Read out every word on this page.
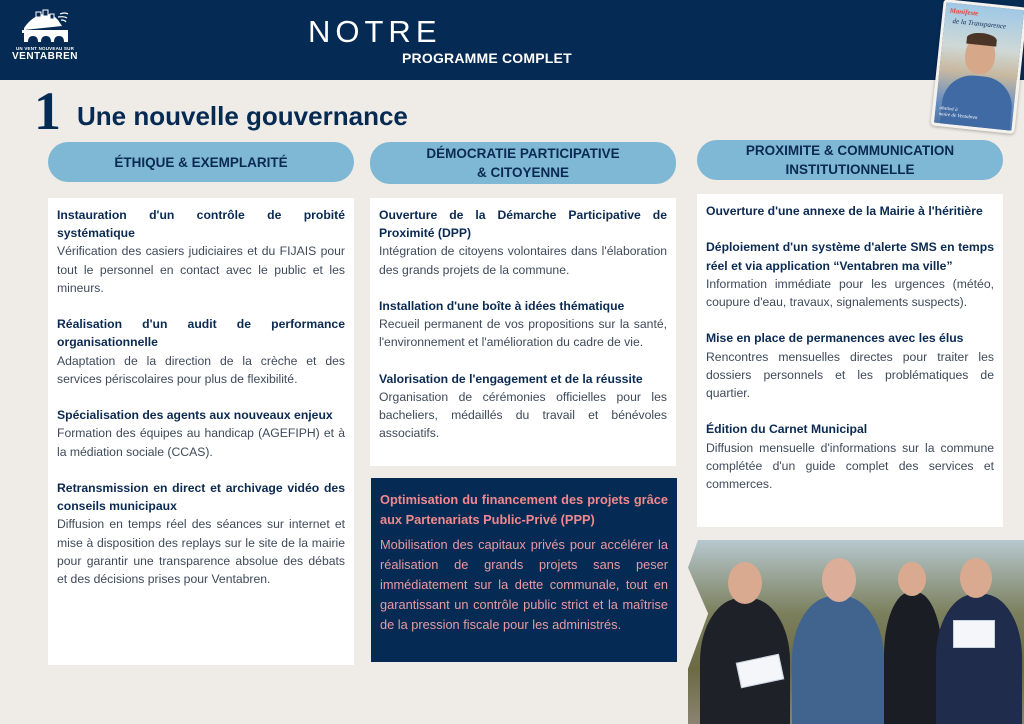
UN VENT NOUVEAU SUR
VENTABREN
NOTRE
PROGRAMME COMPLET
Manifeste
de la Transparence
obstiné à
maire de Ventabren
1 Une nouvelle gouvernance
ÉTHIQUE & EXEMPLARITÉ
DÉMOCRATIE PARTICIPATIVE
& CITOYENNE
PROXIMITE & COMMUNICATION
INSTITUTIONNELLE
Instauration d'un contrôle de probité systématique
Vérification des casiers judiciaires et du FIJAIS pour tout le personnel en contact avec le public et les mineurs.
Réalisation d'un audit de performance organisationnelle
Adaptation de la direction de la crèche et des services périscolaires pour plus de flexibilité.
Spécialisation des agents aux nouveaux enjeux
Formation des équipes au handicap (AGEFIPH) et à la médiation sociale (CCAS).
Retransmission en direct et archivage vidéo des conseils municipaux
Diffusion en temps réel des séances sur internet et mise à disposition des replays sur le site de la mairie pour garantir une transparence absolue des débats et des décisions prises pour Ventabren.
Ouverture de la Démarche Participative de Proximité (DPP)
Intégration de citoyens volontaires dans l'élaboration des grands projets de la commune.
Installation d'une boîte à idées thématique
Recueil permanent de vos propositions sur la santé, l'environnement et l'amélioration du cadre de vie.
Valorisation de l'engagement et de la réussite
Organisation de cérémonies officielles pour les bacheliers, médaillés du travail et bénévoles associatifs.
Optimisation du financement des projets grâce aux Partenariats Public-Privé (PPP)
Mobilisation des capitaux privés pour accélérer la réalisation de grands projets sans peser immédiatement sur la dette communale, tout en garantissant un contrôle public strict et la maîtrise de la pression fiscale pour les administrés.
Ouverture d'une annexe de la Mairie à l'héritière
Déploiement d'un système d'alerte SMS en temps réel et via application “Ventabren ma ville”
Information immédiate pour les urgences (météo, coupure d'eau, travaux, signalements suspects).
Mise en place de permanences avec les élus
Rencontres mensuelles directes pour traiter les dossiers personnels et les problématiques de quartier.
Édition du Carnet Municipal
Diffusion mensuelle d'informations sur la commune complétée d'un guide complet des services et commerces.
